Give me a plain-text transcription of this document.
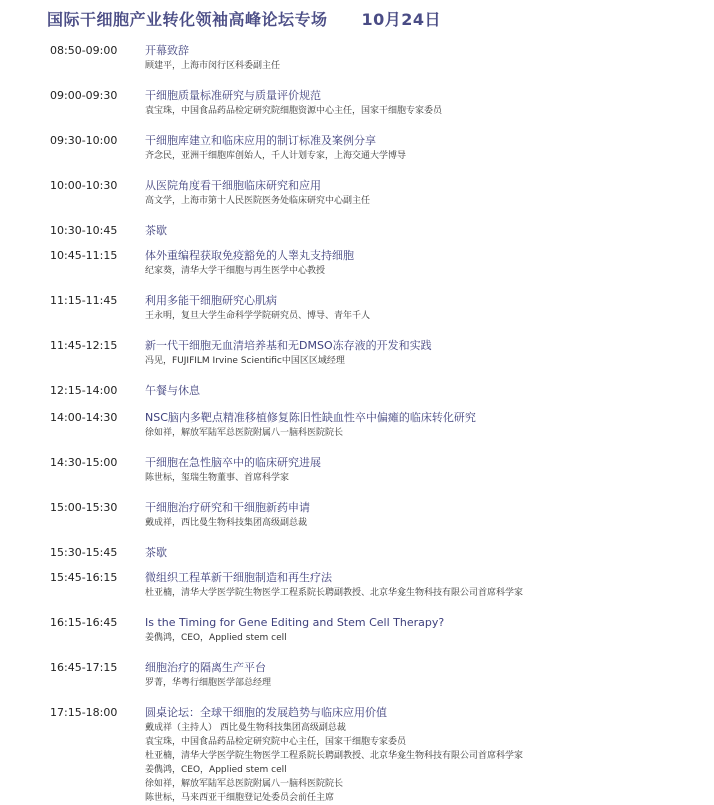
国际干细胞产业转化领袖高峰论坛专场 10月24日
08:50-09:00	开幕致辞
顾建平，上海市闵行区科委副主任
09:00-09:30	干细胞质量标准研究与质量评价规范
袁宝珠，中国食品药品检定研究院细胞资源中心主任，国家干细胞专家委员
09:30-10:00	干细胞库建立和临床应用的制订标准及案例分享
齐念民，亚洲干细胞库创始人，千人计划专家，上海交通大学博导
10:00-10:30	从医院角度看干细胞临床研究和应用
高文学，上海市第十人民医院医务处临床研究中心副主任
10:30-10:45	茶歇
10:45-11:15	体外重编程获取免疫豁免的人睾丸支持细胞
纪家葵，清华大学干细胞与再生医学中心教授
11:15-11:45	利用多能干细胞研究心肌病
王永明，复旦大学生命科学学院研究员、博导、青年千人
11:45-12:15	新一代干细胞无血清培养基和无DMSO冻存液的开发和实践
冯见，FUJIFILM Irvine Scientific中国区区域经理
12:15-14:00	午餐与休息
14:00-14:30	NSC脑内多靶点精准移植修复陈旧性缺血性卒中偏瘫的临床转化研究
徐如祥，解放军陆军总医院附属八一脑科医院院长
14:30-15:00	干细胞在急性脑卒中的临床研究进展
陈世标，玺瑞生物董事、首席科学家
15:00-15:30	干细胞治疗研究和干细胞新药申请
戴成祥，西比曼生物科技集团高级副总裁
15:30-15:45	茶歇
15:45-16:15	微组织工程革新干细胞制造和再生疗法
杜亚楠，清华大学医学院生物医学工程系院长聘副教授、北京华龛生物科技有限公司首席科学家
16:15-16:45	Is the Timing for Gene Editing and Stem Cell Therapy?
姜儁鸿，CEO，Applied stem cell
16:45-17:15	细胞治疗的隔离生产平台
罗菁，华粤行细胞医学部总经理
17:15-18:00	圆桌论坛：全球干细胞的发展趋势与临床应用价值
戴成祥（主持人） 西比曼生物科技集团高级副总裁
袁宝珠，中国食品药品检定研究院中心主任，国家干细胞专家委员
杜亚楠，清华大学医学院生物医学工程系院长聘副教授、北京华龛生物科技有限公司首席科学家
姜儁鸿，CEO，Applied stem cell
徐如祥，解放军陆军总医院附属八一脑科医院院长
陈世标，马来西亚干细胞登记处委员会前任主席
